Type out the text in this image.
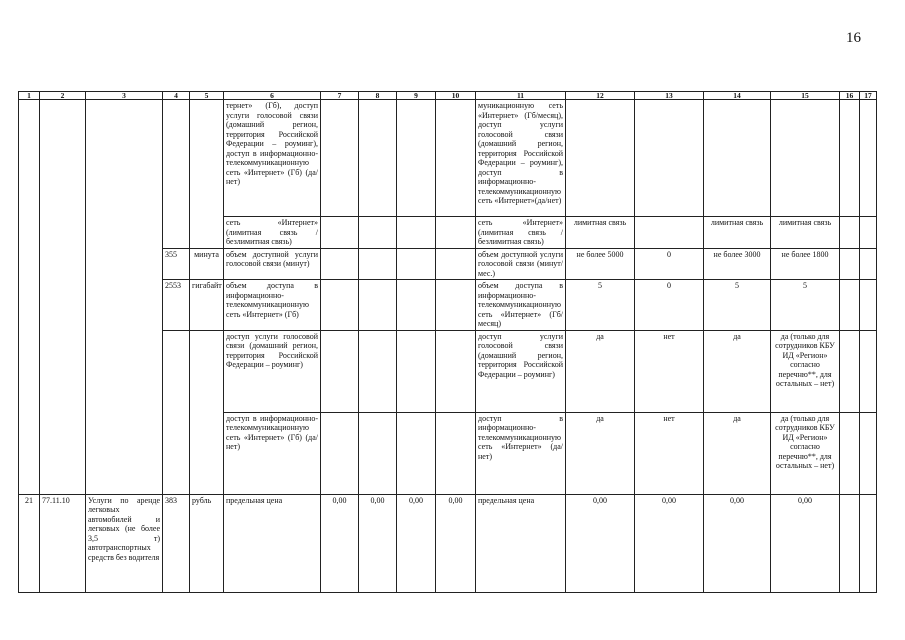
16
1	2	3	4	5	6	7	8	9	10	11	12	13	14	15	16	17
					тернет» (Гб), доступ услуги голосовой связи (домашний регион, территория Российской Федерации – роуминг), доступ в информационно-телекоммуникационную сеть «Интернет» (Гб) (да/нет)					муникационную сеть «Интернет» (Гб/месяц), доступ услуги голосовой связи (домашний регион, территория Российской Федерации – роуминг), доступ в информационно-телекоммуникационную сеть «Интернет»(да/нет)						
					сеть «Интернет» (лимитная связь / безлимитная связь)					сеть «Интернет» (лимитная связь / безлимитная связь)	лимитная связь		лимитная связь	лимитная связь		
			355	минута	объем доступной услуги голосовой связи (минут)					объем доступной услуги голосовой связи (минут/мес.)	не более 5000	0	не более 3000	не более 1800		
			2553	гигабайт	объем доступа в информационно-телекоммуникационную сеть «Интернет» (Гб)					объем доступа в информационно-телекоммуникационную сеть «Интернет» (Гб/месяц)	5	0	5	5		
					доступ услуги голосовой связи (домашний регион, территория Российской Федерации – роуминг)					доступ услуги голосовой связи (домашний регион, территория Российской Федерации – роуминг)	да	нет	да	да (только для сотрудников КБУ ИД «Регион» согласно перечню**, для остальных – нет)		
					доступ в информационно-телекоммуникационную сеть «Интернет» (Гб) (да/нет)					доступ в информационно-телекоммуникационную сеть «Интернет» (да/нет)	да	нет	да	да (только для сотрудников КБУ ИД «Регион» согласно перечню**, для остальных – нет)		
21	77.11.10	Услуги по аренде легковых автомобилей и легковых (не более 3,5 т) автотранспортных средств без водителя	383	рубль	предельная цена	0,00	0,00	0,00	0,00	предельная цена	0,00	0,00	0,00	0,00		
